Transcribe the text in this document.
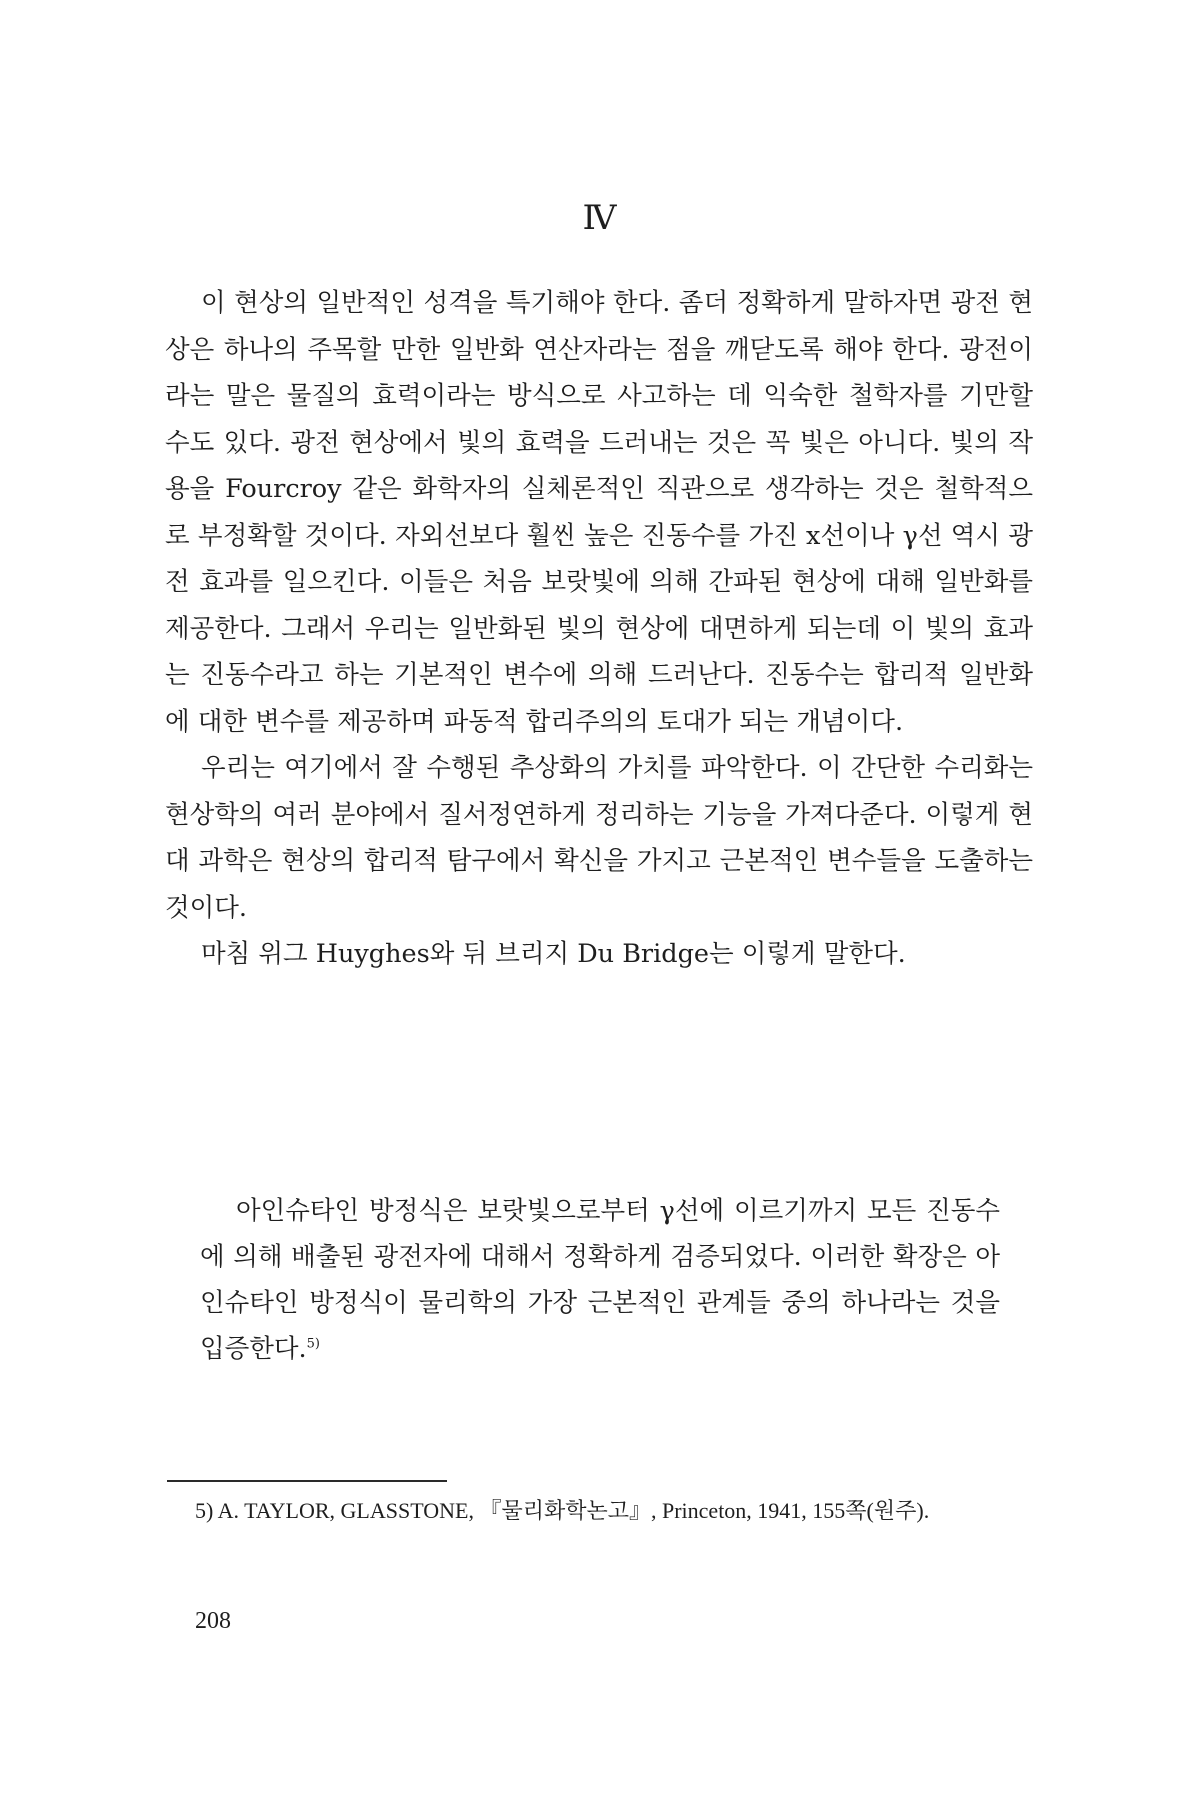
Ⅳ

이 현상의 일반적인 성격을 특기해야 한다. 좀더 정확하게 말하자면 광전 현상은 하나의 주목할 만한 일반화 연산자라는 점을 깨닫도록 해야 한다. 광전이라는 말은 물질의 효력이라는 방식으로 사고하는 데 익숙한 철학자를 기만할 수도 있다. 광전 현상에서 빛의 효력을 드러내는 것은 꼭 빛은 아니다. 빛의 작용을 Fourcroy 같은 화학자의 실체론적인 직관으로 생각하는 것은 철학적으로 부정확할 것이다. 자외선보다 훨씬 높은 진동수를 가진 x선이나 γ선 역시 광전 효과를 일으킨다. 이들은 처음 보랏빛에 의해 간파된 현상에 대해 일반화를 제공한다. 그래서 우리는 일반화된 빛의 현상에 대면하게 되는데 이 빛의 효과는 진동수라고 하는 기본적인 변수에 의해 드러난다. 진동수는 합리적 일반화에 대한 변수를 제공하며 파동적 합리주의의 토대가 되는 개념이다.

우리는 여기에서 잘 수행된 추상화의 가치를 파악한다. 이 간단한 수리화는 현상학의 여러 분야에서 질서정연하게 정리하는 기능을 가져다준다. 이렇게 현대 과학은 현상의 합리적 탐구에서 확신을 가지고 근본적인 변수들을 도출하는 것이다.

마침 위그 Huyghes와 뒤 브리지 Du Bridge는 이렇게 말한다.

아인슈타인 방정식은 보랏빛으로부터 γ선에 이르기까지 모든 진동수에 의해 배출된 광전자에 대해서 정확하게 검증되었다. 이러한 확장은 아인슈타인 방정식이 물리학의 가장 근본적인 관계들 중의 하나라는 것을 입증한다.$^{5)}$

5) A. TAYLOR, GLASSTONE, 『물리화학논고』, Princeton, 1941, 155쪽(원주).
208
